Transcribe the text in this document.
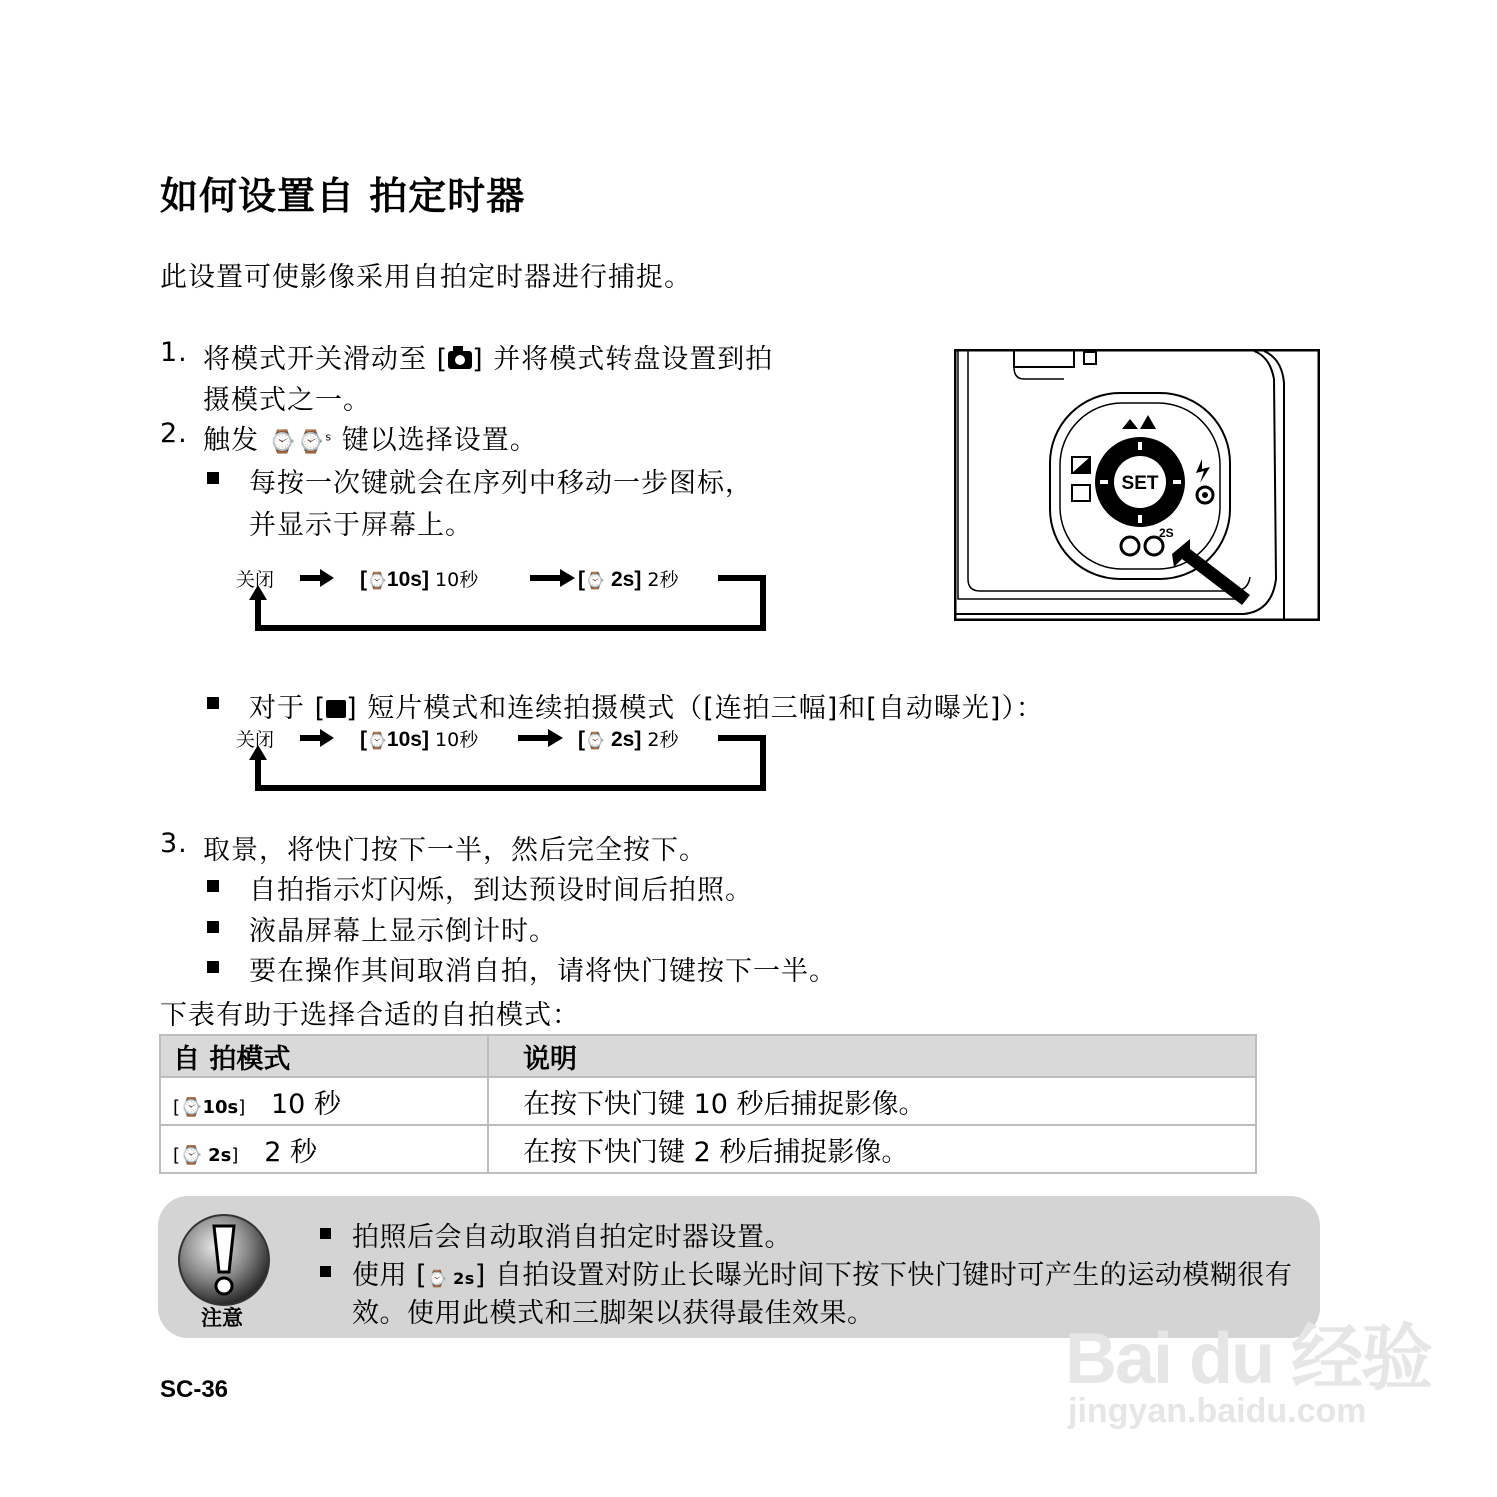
如何设置自 拍定时器
此设置可使影像采用自拍定时器进行捕捉。
1. 将模式开关滑动至 [ ] 并将模式转盘设置到拍
摄模式之一。
2. 触发 ⌚⌚$^s$ 键以选择设置。
每按一次键就会在序列中移动一步图标，
并显示于屏幕上。
关闭	[⌚10s] 10秒	[⌚ 2s] 2秒
对于 [ ] 短片模式和连续拍摄模式（[连拍三幅]和[自动曝光]）：
关闭	[⌚10s] 10秒	[⌚ 2s] 2秒
3. 取景，将快门按下一半，然后完全按下。
自拍指示灯闪烁，到达预设时间后拍照。
液晶屏幕上显示倒计时。
要在操作其间取消自拍，请将快门键按下一半。
下表有助于选择合适的自拍模式：
自 拍模式	说明
[⌚10s] 10 秒	在按下快门键 10 秒后捕捉影像。
[⌚ 2s] 2 秒	在按下快门键 2 秒后捕捉影像。
注意
拍照后会自动取消自拍定时器设置。
使用 [⌚ 2s] 自拍设置对防止长曝光时间下按下快门键时可产生的运动模糊很有
效。使用此模式和三脚架以获得最佳效果。
SC-36
SET
2S
Bai du 经验
jingyan.baidu.com
